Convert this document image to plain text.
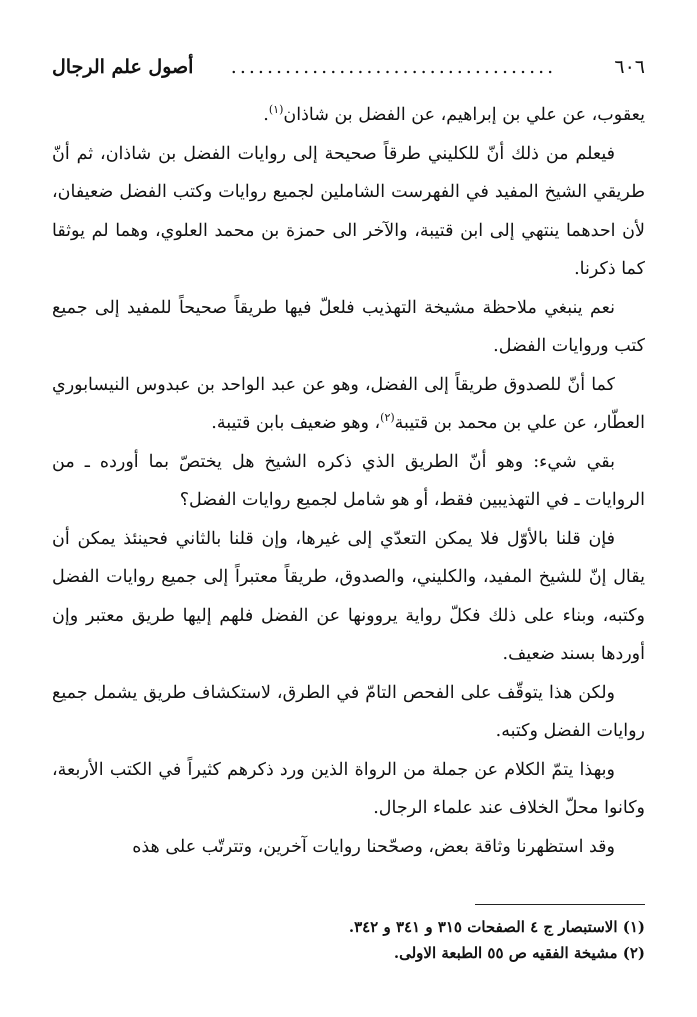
٦٠٦
....................................
أصول علم الرجال

يعقوب، عن علي بن إبراهيم، عن الفضل بن شاذان$^{(١)}$.

فيعلم من ذلك أنّ للكليني طرقاً صحيحة إلى روايات الفضل بن شاذان، ثم أنّ طريقي الشيخ المفيد في الفهرست الشاملين لجميع روايات وكتب الفضل ضعيفان، لأن احدهما ينتهي إلى ابن قتيبة، والآخر الى حمزة بن محمد العلوي، وهما لم يوثقا كما ذكرنا.

نعم ينبغي ملاحظة مشيخة التهذيب فلعلّ فيها طريقاً صحيحاً للمفيد إلى جميع كتب وروايات الفضل.

كما أنّ للصدوق طريقاً إلى الفضل، وهو عن عبد الواحد بن عبدوس النيسابوري العطّار، عن علي بن محمد بن قتيبة$^{(٢)}$، وهو ضعيف بابن قتيبة.

بقي شيء: وهو أنّ الطريق الذي ذكره الشيخ هل يختصّ بما أورده ـ من الروايات ـ في التهذيبين فقط، أو هو شامل لجميع روايات الفضل؟

فإن قلنا بالأوّل فلا يمكن التعدّي إلى غيرها، وإن قلنا بالثاني فحينئذ يمكن أن يقال إنّ للشيخ المفيد، والكليني، والصدوق، طريقاً معتبراً إلى جميع روايات الفضل وكتبه، وبناء على ذلك فكلّ رواية يروونها عن الفضل فلهم إليها طريق معتبر وإن أوردها بسند ضعيف.

ولكن هذا يتوقّف على الفحص التامّ في الطرق، لاستكشاف طريق يشمل جميع روايات الفضل وكتبه.

وبهذا يتمّ الكلام عن جملة من الرواة الذين ورد ذكرهم كثيراً في الكتب الأربعة، وكانوا محلّ الخلاف عند علماء الرجال.

وقد استظهرنا وثاقة بعض، وصحّحنا روايات آخرين، وتترتّب على هذه

(١) الاستبصار ج ٤ الصفحات ٣١٥ و ٣٤١ و ٣٤٢.

(٢) مشيخة الفقيه ص ٥٥ الطبعة الاولى.
